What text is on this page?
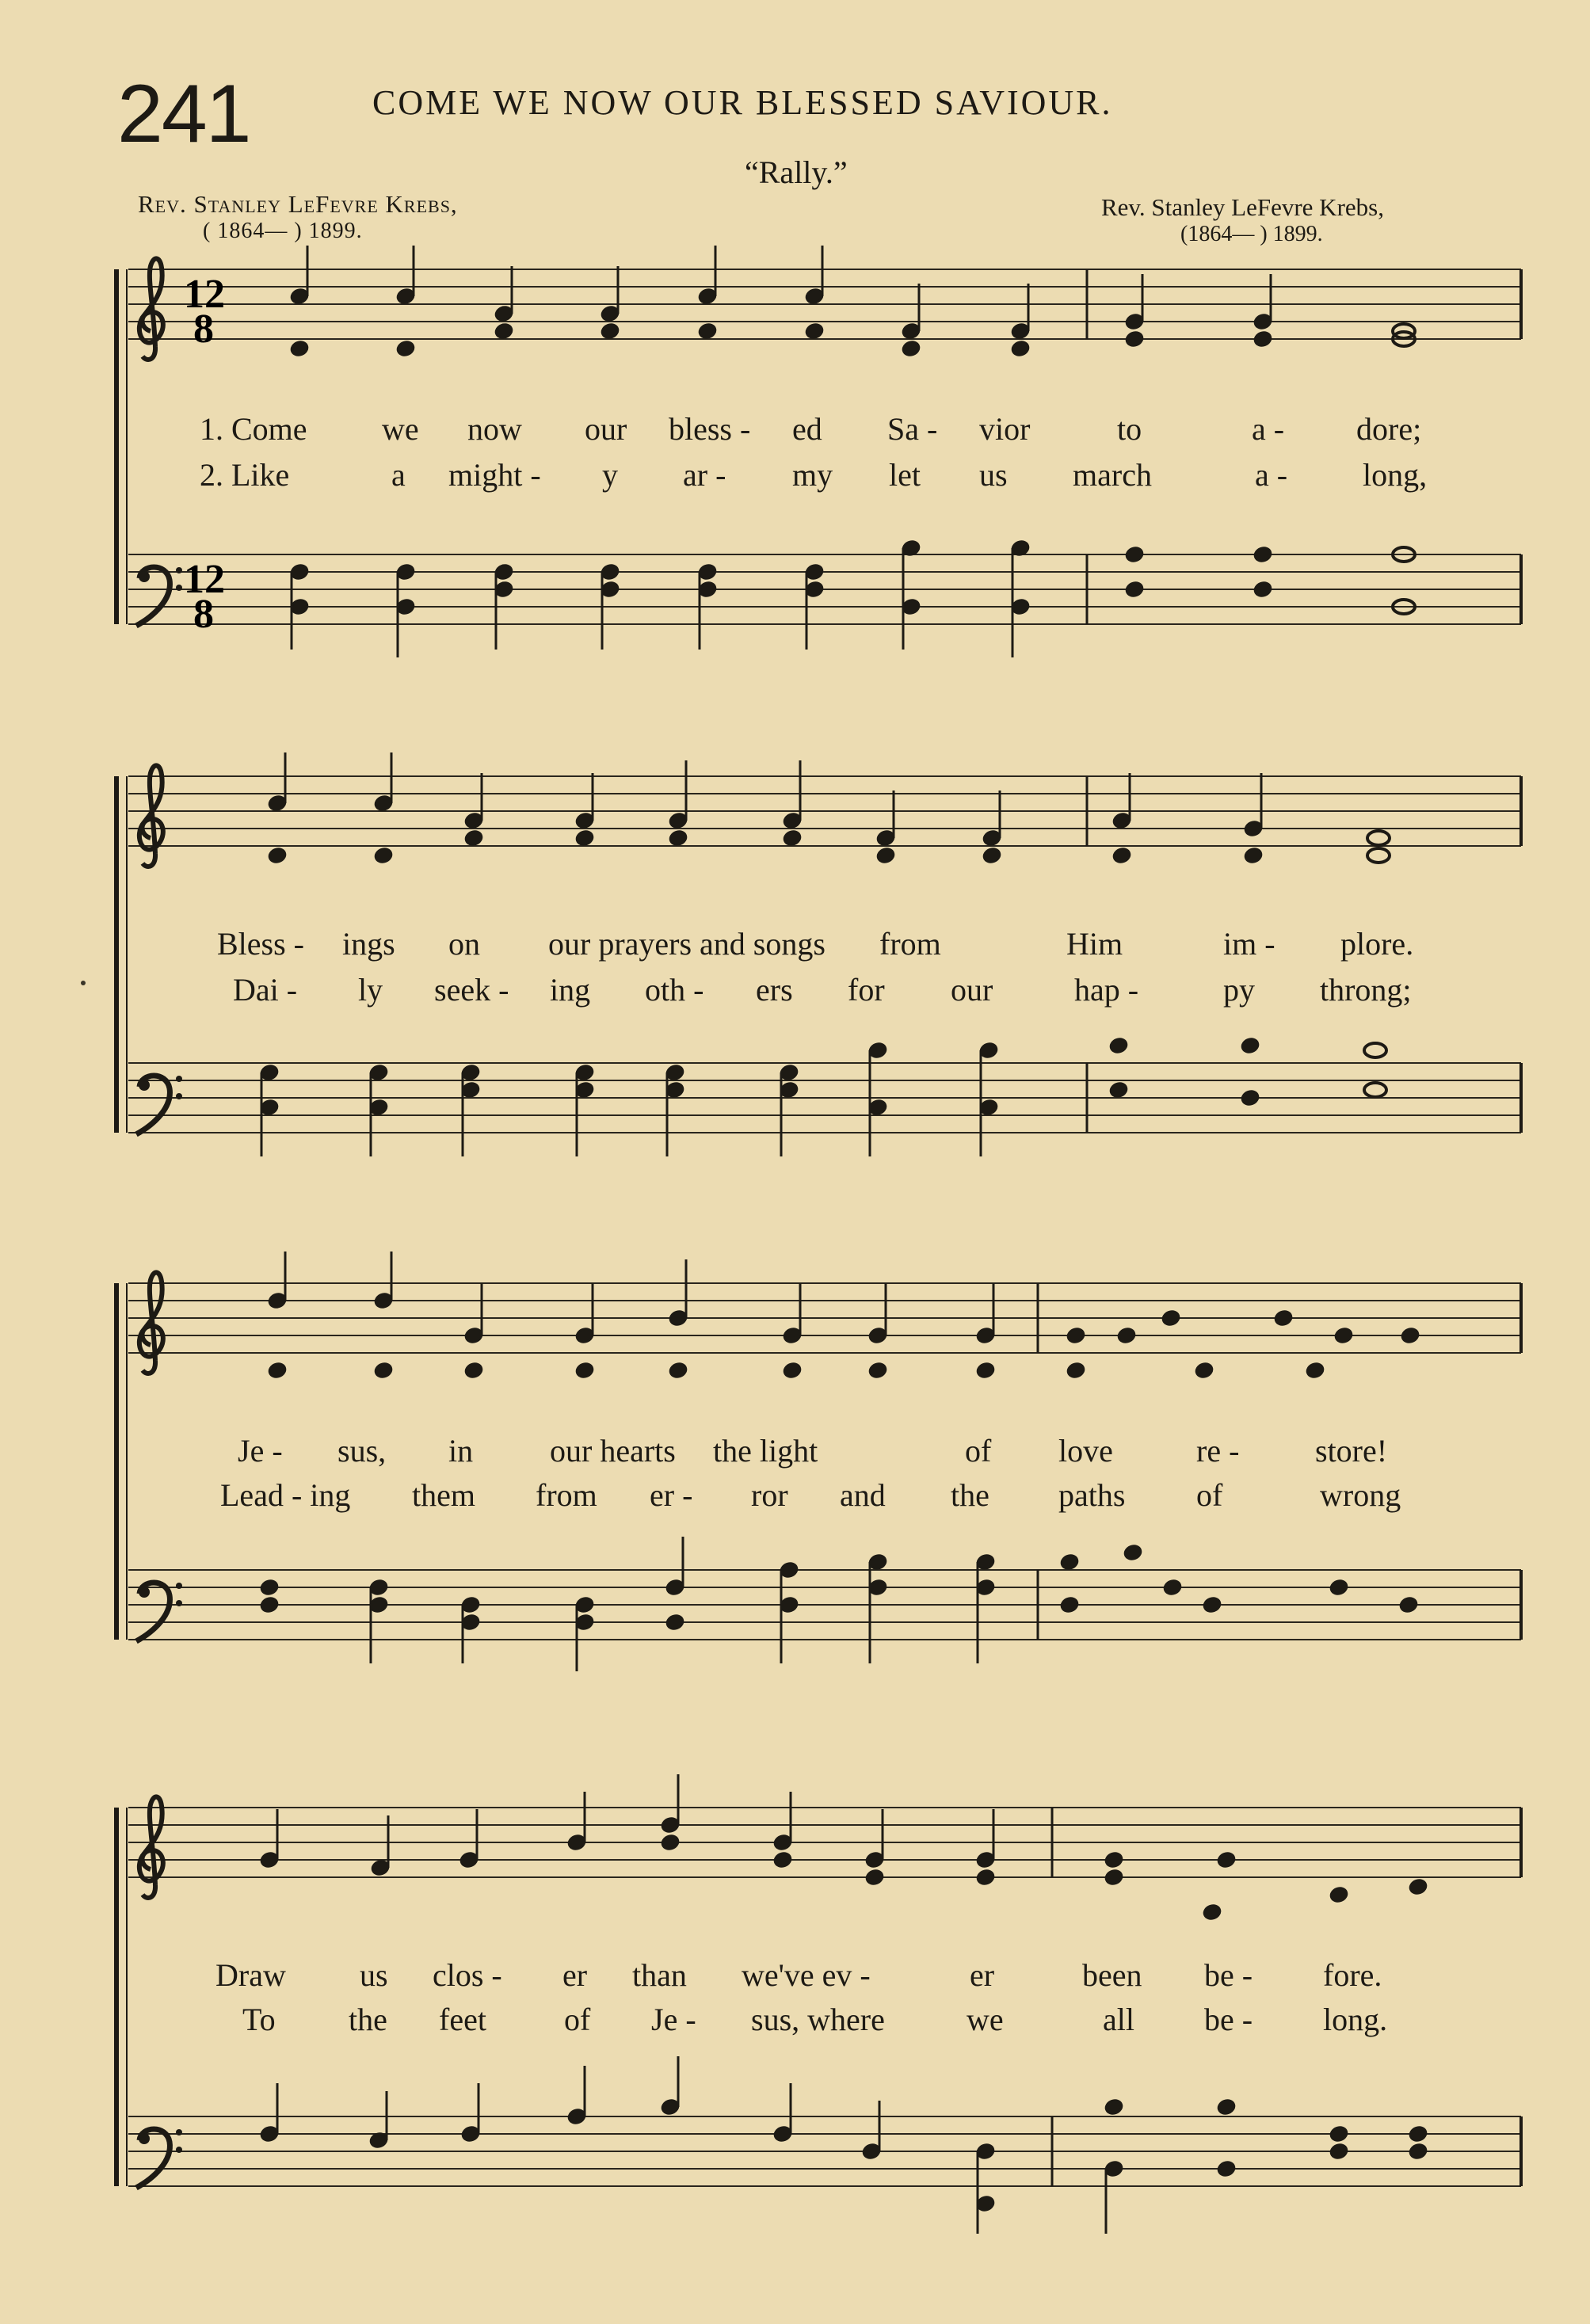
241	COME WE NOW OUR BLESSED SAVIOUR.
“Rally.”
Rev. Stanley LeFevre Krebs,
( 1864— ) 1899.
Rev. Stanley LeFevre Krebs,
(1864— ) 1899.
12
8
12
8
1. Come we now our bless - ed Sa - vior	to	a - dore;
2. Like	a might - y ar - my let us march	a - long,
Bless - ings on our prayers and songs from	Him	im - plore.
Dai - ly seek - ing oth - ers for our	hap -	py throng;
Je - sus, in our hearts the light	of love	re - store!
Lead - ing them from er - ror and the paths of	wrong
Draw us clos - er than we've ev -	er	been be - fore.
To the feet of Je - sus, where	we	all be - long.
